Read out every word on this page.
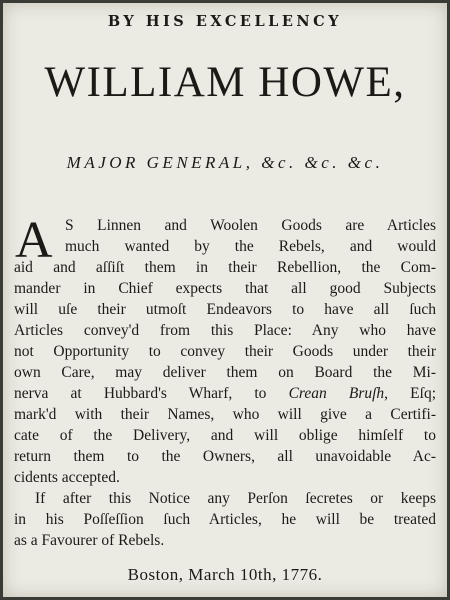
BY HIS EXCELLENCY
WILLIAM HOWE,
MAJOR GENERAL, &c. &c. &c.
A S Linnen and Woolen Goods are Articles
much wanted by the Rebels, and would
aid and aſſiſt them in their Rebellion, the Com-
mander in Chief expects that all good Subjects
will uſe their utmoſt Endeavors to have all ſuch
Articles convey'd from this Place: Any who have
not Opportunity to convey their Goods under their
own Care, may deliver them on Board the Mi-
nerva at Hubbard's Wharf, to Crean Bruſh, Eſq;
mark'd with their Names, who will give a Certifi-
cate of the Delivery, and will oblige himſelf to
return them to the Owners, all unavoidable Ac-
cidents accepted.
If after this Notice any Perſon ſecretes or keeps
in his Poſſeſſion ſuch Articles, he will be treated
as a Favourer of Rebels.
Boston, March 10th, 1776.
